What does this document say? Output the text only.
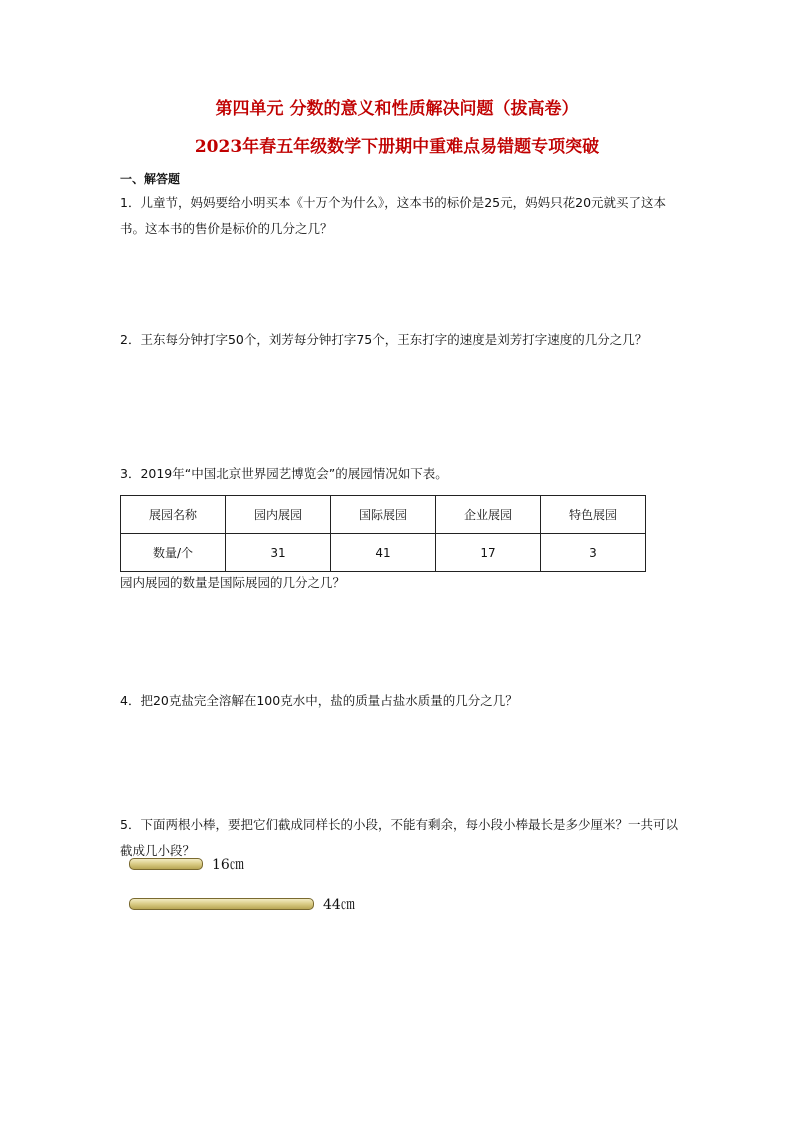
第四单元 分数的意义和性质解决问题（拔高卷）
2023年春五年级数学下册期中重难点易错题专项突破
一、解答题
1．儿童节，妈妈要给小明买本《十万个为什么》，这本书的标价是25元，妈妈只花20元就买了这本书。这本书的售价是标价的几分之几？
2．王东每分钟打字50个，刘芳每分钟打字75个，王东打字的速度是刘芳打字速度的几分之几？
3．2019年“中国北京世界园艺博览会”的展园情况如下表。
展园名称	园内展园	国际展园	企业展园	特色展园
数量/个	31	41	17	3
园内展园的数量是国际展园的几分之几？
4．把20克盐完全溶解在100克水中，盐的质量占盐水质量的几分之几？
5．下面两根小棒，要把它们截成同样长的小段，不能有剩余，每小段小棒最长是多少厘米？一共可以截成几小段？
16㎝
44㎝
